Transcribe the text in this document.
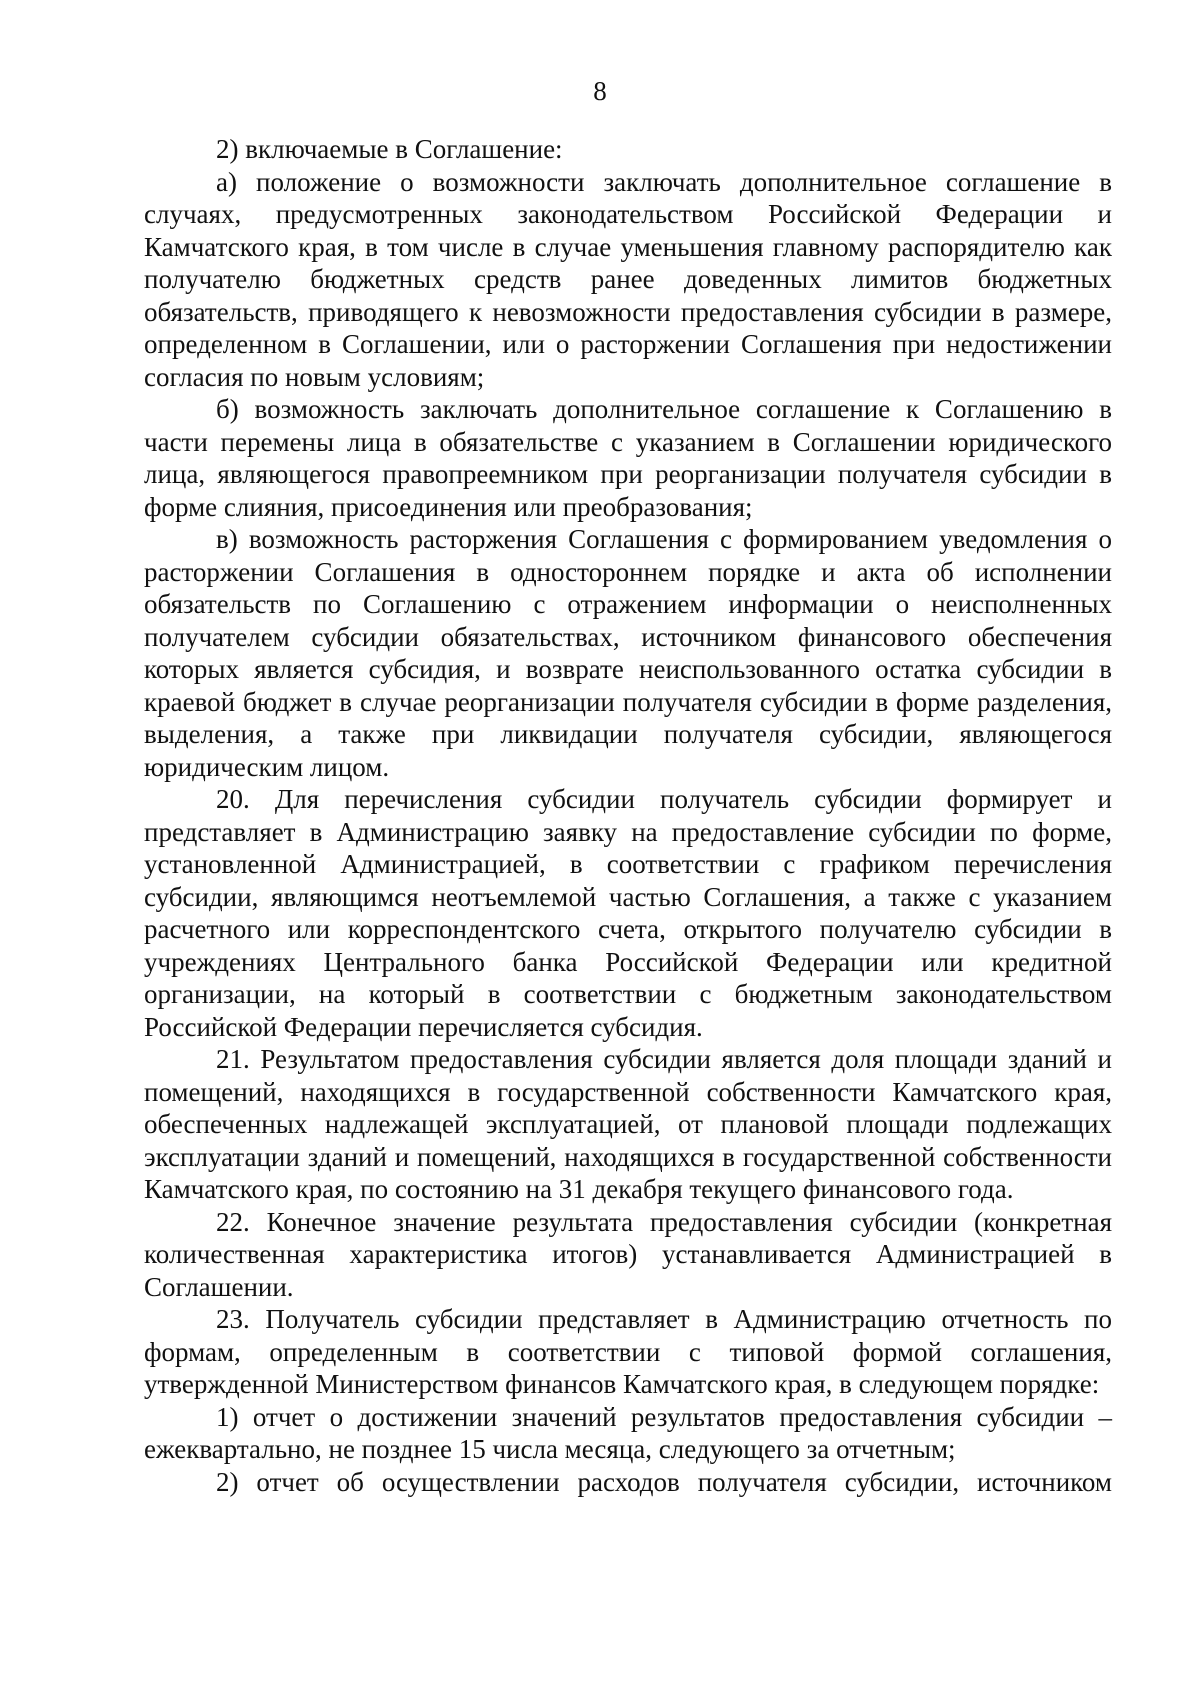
8

2) включаемые в Соглашение:

а) положение о возможности заключать дополнительное соглашение в случаях, предусмотренных законодательством Российской Федерации и Камчатского края, в том числе в случае уменьшения главному распорядителю как получателю бюджетных средств ранее доведенных лимитов бюджетных обязательств, приводящего к невозможности предоставления субсидии в размере, определенном в Соглашении, или о расторжении Соглашения при недостижении согласия по новым условиям;

б) возможность заключать дополнительное соглашение к Соглашению в части перемены лица в обязательстве с указанием в Соглашении юридического лица, являющегося правопреемником при реорганизации получателя субсидии в форме слияния, присоединения или преобразования;

в) возможность расторжения Соглашения с формированием уведомления о расторжении Соглашения в одностороннем порядке и акта об исполнении обязательств по Соглашению с отражением информации о неисполненных получателем субсидии обязательствах, источником финансового обеспечения которых является субсидия, и возврате неиспользованного остатка субсидии в краевой бюджет в случае реорганизации получателя субсидии в форме разделения, выделения, а также при ликвидации получателя субсидии, являющегося юридическим лицом.

20. Для перечисления субсидии получатель субсидии формирует и представляет в Администрацию заявку на предоставление субсидии по форме, установленной Администрацией, в соответствии с графиком перечисления субсидии, являющимся неотъемлемой частью Соглашения, а также с указанием расчетного или корреспондентского счета, открытого получателю субсидии в учреждениях Центрального банка Российской Федерации или кредитной организации, на который в соответствии с бюджетным законодательством Российской Федерации перечисляется субсидия.

21. Результатом предоставления субсидии является доля площади зданий и помещений, находящихся в государственной собственности Камчатского края, обеспеченных надлежащей эксплуатацией, от плановой площади подлежащих эксплуатации зданий и помещений, находящихся в государственной собственности Камчатского края, по состоянию на 31 декабря текущего финансового года.

22. Конечное значение результата предоставления субсидии (конкретная количественная характеристика итогов) устанавливается Администрацией в Соглашении.

23. Получатель субсидии представляет в Администрацию отчетность по формам, определенным в соответствии с типовой формой соглашения, утвержденной Министерством финансов Камчатского края, в следующем порядке:

1) отчет о достижении значений результатов предоставления субсидии – ежеквартально, не позднее 15 числа месяца, следующего за отчетным;

2) отчет об осуществлении расходов получателя субсидии, источником
